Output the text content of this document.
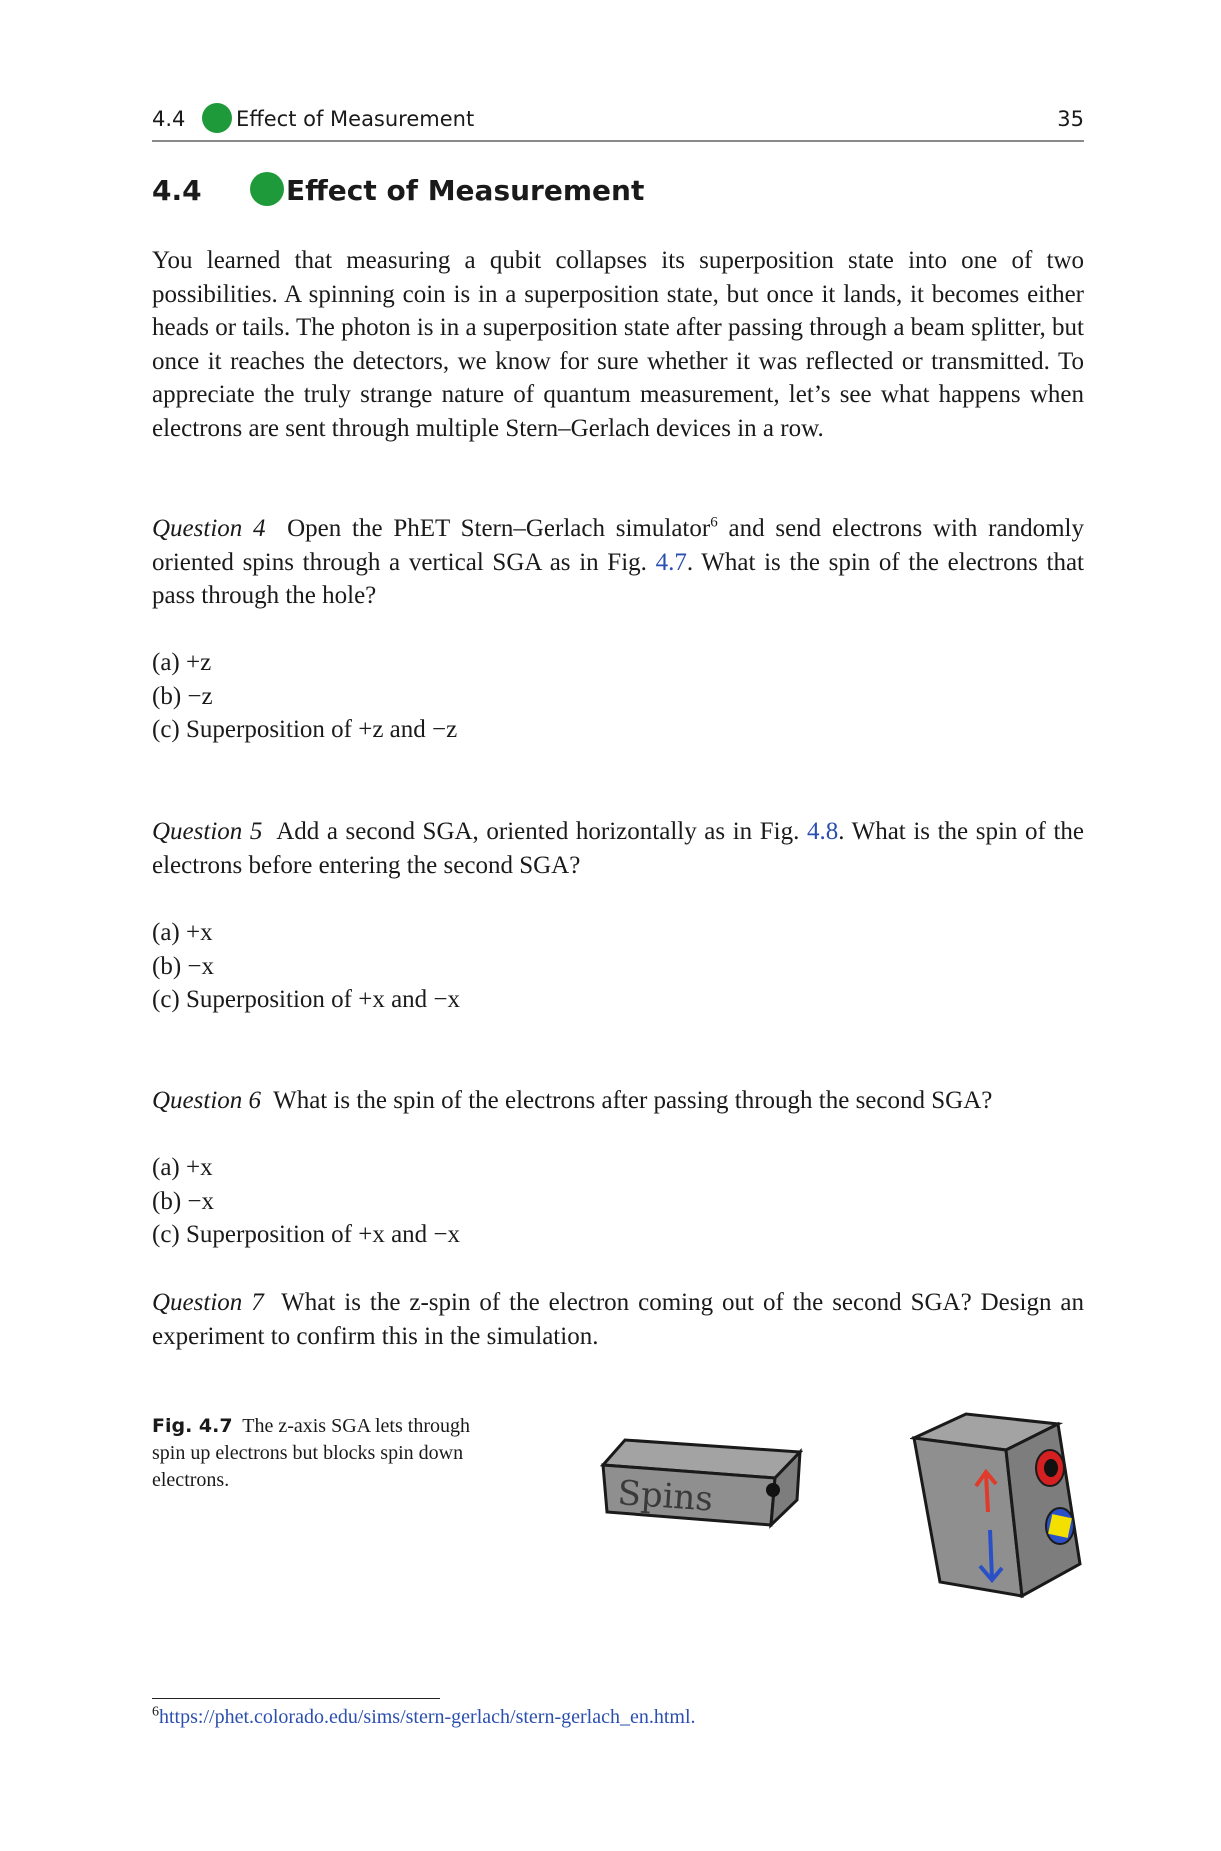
4.4 Effect of Measurement	35
4.4	Effect of Measurement

You learned that measuring a qubit collapses its superposition state into one of two possibilities. A spinning coin is in a superposition state, but once it lands, it becomes either heads or tails. The photon is in a superposition state after passing through a beam splitter, but once it reaches the detectors, we know for sure whether it was reflected or transmitted. To appreciate the truly strange nature of quantum measurement, let’s see what happens when electrons are sent through multiple Stern–Gerlach devices in a row.

Question 4 Open the PhET Stern–Gerlach simulator$^6$ and send electrons with randomly oriented spins through a vertical SGA as in Fig. 4.7. What is the spin of the electrons that pass through the hole?

(a) +z
(b) −z
(c) Superposition of +z and −z

Question 5 Add a second SGA, oriented horizontally as in Fig. 4.8. What is the spin of the electrons before entering the second SGA?

(a) +x
(b) −x
(c) Superposition of +x and −x

Question 6 What is the spin of the electrons after passing through the second SGA?

(a) +x
(b) −x
(c) Superposition of +x and −x

Question 7 What is the z-spin of the electron coming out of the second SGA? Design an experiment to confirm this in the simulation.

Fig. 4.7 The z-axis SGA lets through spin up electrons but blocks spin down electrons.	Spins
$^6$https://phet.colorado.edu/sims/stern-gerlach/stern-gerlach_en.html.
